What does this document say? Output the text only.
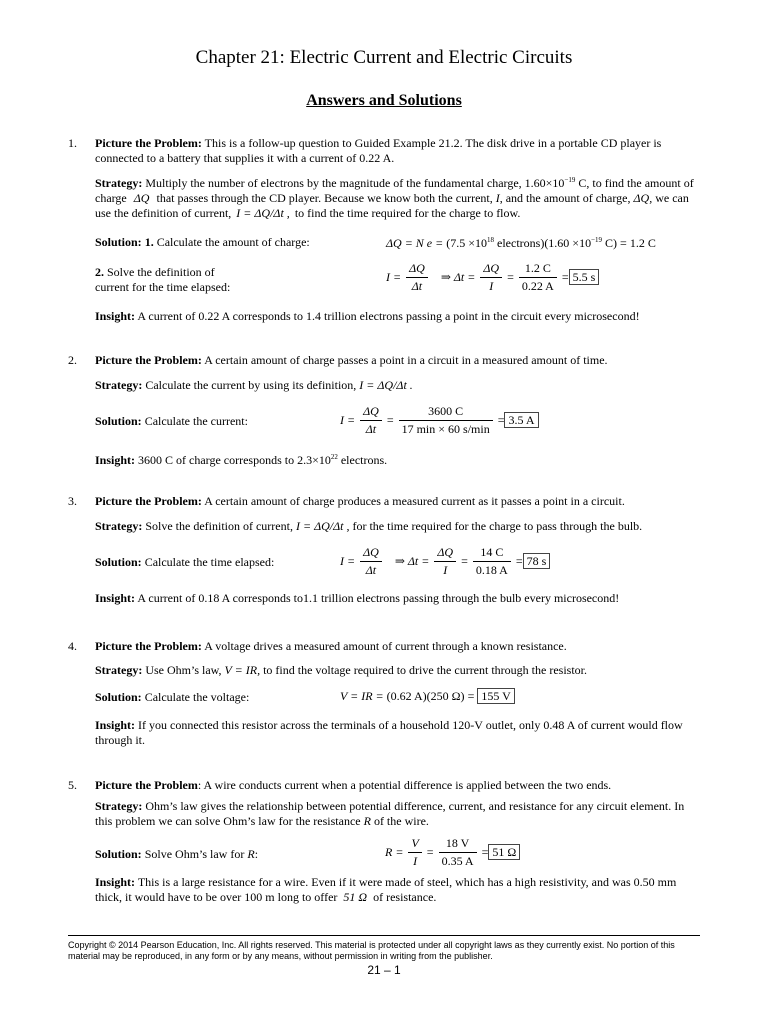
Chapter 21: Electric Current and Electric Circuits
Answers and Solutions
1. Picture the Problem: This is a follow-up question to Guided Example 21.2. The disk drive in a portable CD player is connected to a battery that supplies it with a current of 0.22 A.
Strategy: Multiply the number of electrons by the magnitude of the fundamental charge, $1.60\times 10^{-19}$ C, to find the amount of charge ΔQ that passes through the CD player. Because we know both the current, I, and the amount of charge, ΔQ, we can use the definition of current, I = ΔQ/Δt , to find the time required for the charge to flow.
Solution: 1. Calculate the amount of charge:	ΔQ = N $e = (7.5 \times 10^{18}$ electrons)(1.60 $\times 10^{-19}$ C) = 1.2 C
2. Solve the definition of
current for the time elapsed:
$I = \frac{\Delta Q}{\Delta t}$ ⇒ $\Delta t = \frac{\Delta Q}{I} = \frac{1.2 C}{0.22 A} = 5.5$ s
Insight: A current of 0.22 A corresponds to 1.4 trillion electrons passing a point in the circuit every microsecond!
2. Picture the Problem: A certain amount of charge passes a point in a circuit in a measured amount of time.
Strategy: Calculate the current by using its definition, I = ΔQ/Δt .
Solution: Calculate the current:	$I = \frac{\Delta Q}{\Delta t} = \frac{3600 C}{17 \min \times 60 s/\min} = 3.5$ A
Insight: 3600 C of charge corresponds to $2.3\times 10^{22}$ electrons.
3. Picture the Problem: A certain amount of charge produces a measured current as it passes a point in a circuit.
Strategy: Solve the definition of current, I = ΔQ/Δt , for the time required for the charge to pass through the bulb.
Solution: Calculate the time elapsed:	$I = \frac{\Delta Q}{\Delta t}$ ⇒ $\Delta t = \frac{\Delta Q}{I} = \frac{14 C}{0.18 A} = 78$ s
Insight: A current of 0.18 A corresponds to1.1 trillion electrons passing through the bulb every microsecond!
4. Picture the Problem: A voltage drives a measured amount of current through a known resistance.
Strategy: Use Ohm’s law, V = IR, to find the voltage required to drive the current through the resistor.
Solution: Calculate the voltage:	V = IR = (0.62 A)(250 Ω) = 155 V
Insight: If you connected this resistor across the terminals of a household 120-V outlet, only 0.48 A of current would flow through it.
5. Picture the Problem: A wire conducts current when a potential difference is applied between the two ends.
Strategy: Ohm’s law gives the relationship between potential difference, current, and resistance for any circuit element. In this problem we can solve Ohm’s law for the resistance R of the wire.
Solution: Solve Ohm’s law for R:	$R = \frac{V}{I} = \frac{18 V}{0.35 A} = 51$ Ω
Insight: This is a large resistance for a wire. Even if it were made of steel, which has a high resistivity, and was 0.50 mm thick, it would have to be over 100 m long to offer 51 Ω of resistance.
Copyright © 2014 Pearson Education, Inc. All rights reserved. This material is protected under all copyright laws as they currently exist. No portion of this material may be reproduced, in any form or by any means, without permission in writing from the publisher.
21 – 1
